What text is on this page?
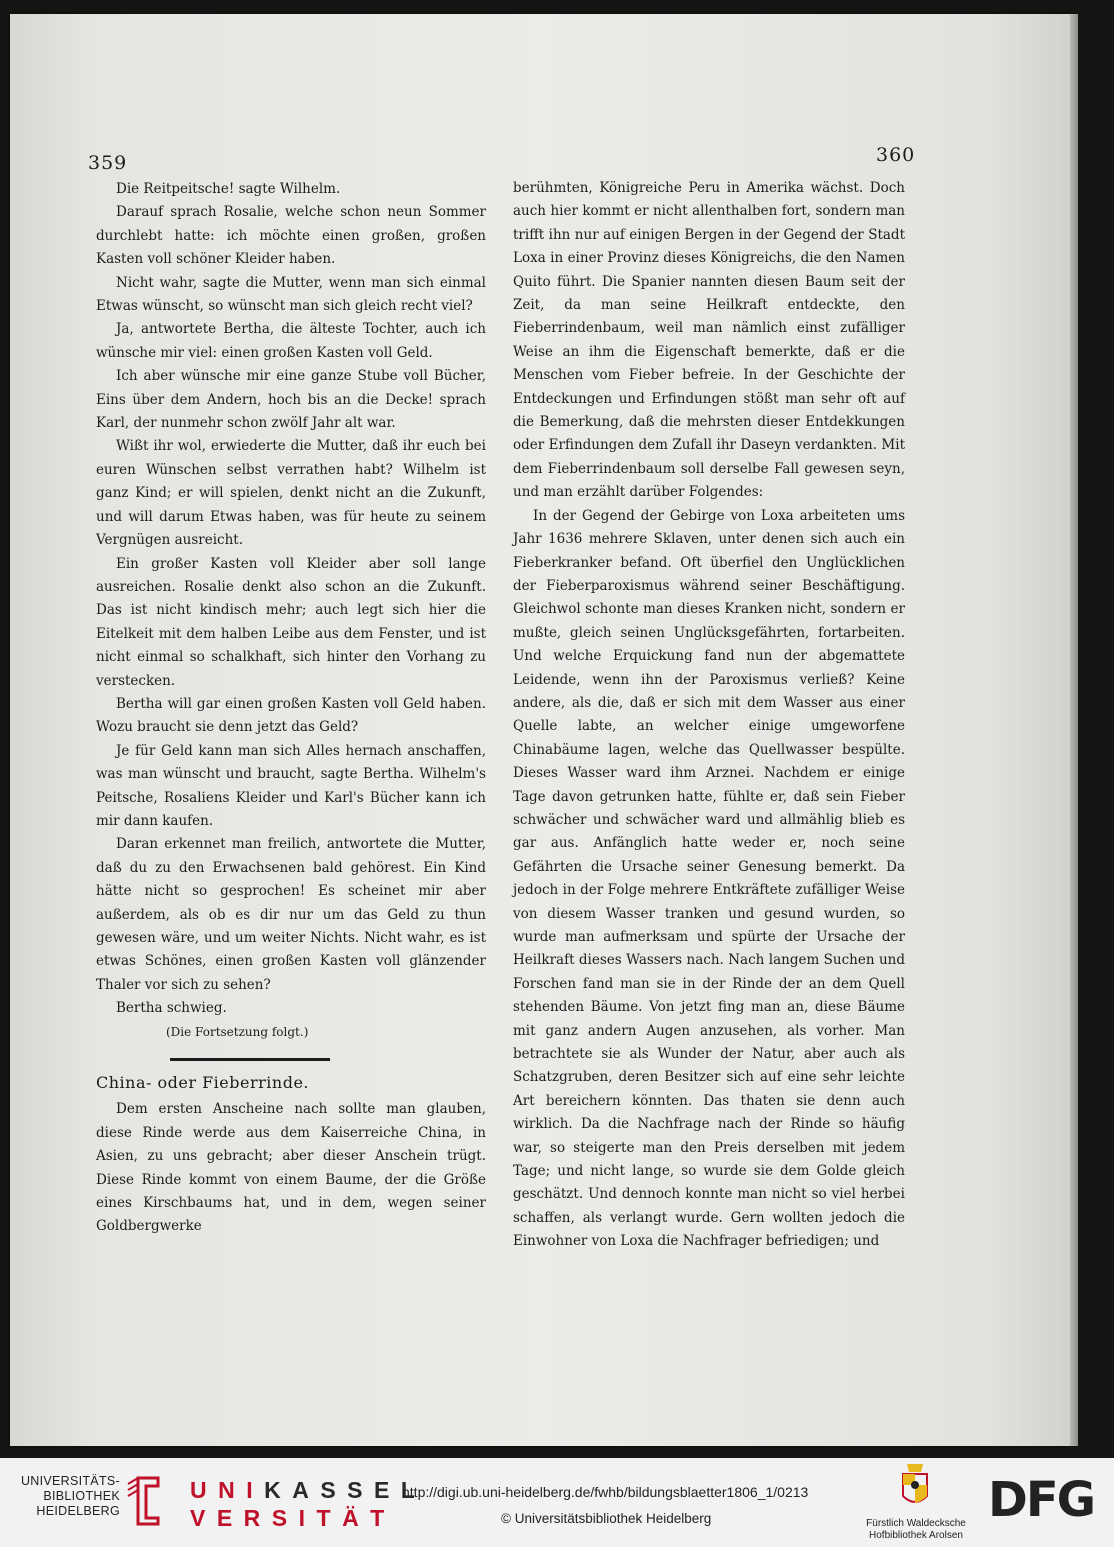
359	360

Die Reitpeitsche! sagte Wilhelm.

Darauf sprach Rosalie, welche schon neun Sommer durchlebt hatte: ich möchte einen großen, großen Kasten voll schöner Kleider haben.

Nicht wahr, sagte die Mutter, wenn man sich einmal Etwas wünscht, so wünscht man sich gleich recht viel?

Ja, antwortete Bertha, die älteste Tochter, auch ich wünsche mir viel: einen großen Kasten voll Geld.

Ich aber wünsche mir eine ganze Stube voll Bücher, Eins über dem Andern, hoch bis an die Decke! sprach Karl, der nunmehr schon zwölf Jahr alt war.

Wißt ihr wol, erwiederte die Mutter, daß ihr euch bei euren Wünschen selbst verrathen habt? Wilhelm ist ganz Kind; er will spielen, denkt nicht an die Zukunft, und will darum Etwas haben, was für heute zu seinem Vergnügen ausreicht.

Ein großer Kasten voll Kleider aber soll lange ausreichen. Rosalie denkt also schon an die Zukunft. Das ist nicht kindisch mehr; auch legt sich hier die Eitelkeit mit dem halben Leibe aus dem Fenster, und ist nicht einmal so schalkhaft, sich hinter den Vorhang zu verstecken.

Bertha will gar einen großen Kasten voll Geld haben. Wozu braucht sie denn jetzt das Geld?

Je für Geld kann man sich Alles hernach anschaffen, was man wünscht und braucht, sagte Bertha. Wilhelm's Peitsche, Rosaliens Kleider und Karl's Bücher kann ich mir dann kaufen.

Daran erkennet man freilich, antwortete die Mutter, daß du zu den Erwachsenen bald gehörest. Ein Kind hätte nicht so gesprochen! Es scheinet mir aber außerdem, als ob es dir nur um das Geld zu thun gewesen wäre, und um weiter Nichts. Nicht wahr, es ist etwas Schönes, einen großen Kasten voll glänzender Thaler vor sich zu sehen?

Bertha schwieg.

(Die Fortsetzung folgt.)

China- oder Fieberrinde.

Dem ersten Anscheine nach sollte man glauben, diese Rinde werde aus dem Kaiserreiche China, in Asien, zu uns gebracht; aber dieser Anschein trügt. Diese Rinde kommt von einem Baume, der die Größe eines Kirschbaums hat, und in dem, wegen seiner Goldbergwerke

berühmten, Königreiche Peru in Amerika wächst. Doch auch hier kommt er nicht allenthalben fort, sondern man trifft ihn nur auf einigen Bergen in der Gegend der Stadt Loxa in einer Provinz dieses Königreichs, die den Namen Quito führt. Die Spanier nannten diesen Baum seit der Zeit, da man seine Heilkraft entdeckte, den Fieberrindenbaum, weil man nämlich einst zufälliger Weise an ihm die Eigenschaft bemerkte, daß er die Menschen vom Fieber befreie. In der Geschichte der Entdeckungen und Erfindungen stößt man sehr oft auf die Bemerkung, daß die mehrsten dieser Entdekkungen oder Erfindungen dem Zufall ihr Daseyn verdankten. Mit dem Fieberrindenbaum soll derselbe Fall gewesen seyn, und man erzählt darüber Folgendes:

In der Gegend der Gebirge von Loxa arbeiteten ums Jahr 1636 mehrere Sklaven, unter denen sich auch ein Fieberkranker befand. Oft überfiel den Unglücklichen der Fieberparoxismus während seiner Beschäftigung. Gleichwol schonte man dieses Kranken nicht, sondern er mußte, gleich seinen Unglücksgefährten, fortarbeiten. Und welche Erquickung fand nun der abgemattete Leidende, wenn ihn der Paroxismus verließ? Keine andere, als die, daß er sich mit dem Wasser aus einer Quelle labte, an welcher einige umgeworfene Chinabäume lagen, welche das Quellwasser bespülte. Dieses Wasser ward ihm Arznei. Nachdem er einige Tage davon getrunken hatte, fühlte er, daß sein Fieber schwächer und schwächer ward und allmählig blieb es gar aus. Anfänglich hatte weder er, noch seine Gefährten die Ursache seiner Genesung bemerkt. Da jedoch in der Folge mehrere Entkräftete zufälliger Weise von diesem Wasser tranken und gesund wurden, so wurde man aufmerksam und spürte der Ursache der Heilkraft dieses Wassers nach. Nach langem Suchen und Forschen fand man sie in der Rinde der an dem Quell stehenden Bäume. Von jetzt fing man an, diese Bäume mit ganz andern Augen anzusehen, als vorher. Man betrachtete sie als Wunder der Natur, aber auch als Schatzgruben, deren Besitzer sich auf eine sehr leichte Art bereichern könnten. Das thaten sie denn auch wirklich. Da die Nachfrage nach der Rinde so häufig war, so steigerte man den Preis derselben mit jedem Tage; und nicht lange, so wurde sie dem Golde gleich geschätzt. Und dennoch konnte man nicht so viel herbei schaffen, als verlangt wurde. Gern wollten jedoch die Einwohner von Loxa die Nachfrager befriedigen; und

UNIVERSITÄTS-
BIBLIOTHEK
HEIDELBERG
UNIKASSEL
VERSITÄT
http://digi.ub.uni-heidelberg.de/fwhb/bildungsblaetter1806_1/0213
© Universitätsbibliothek Heidelberg	Fürstlich Waldecksche
Hofbibliothek Arolsen
DFG
